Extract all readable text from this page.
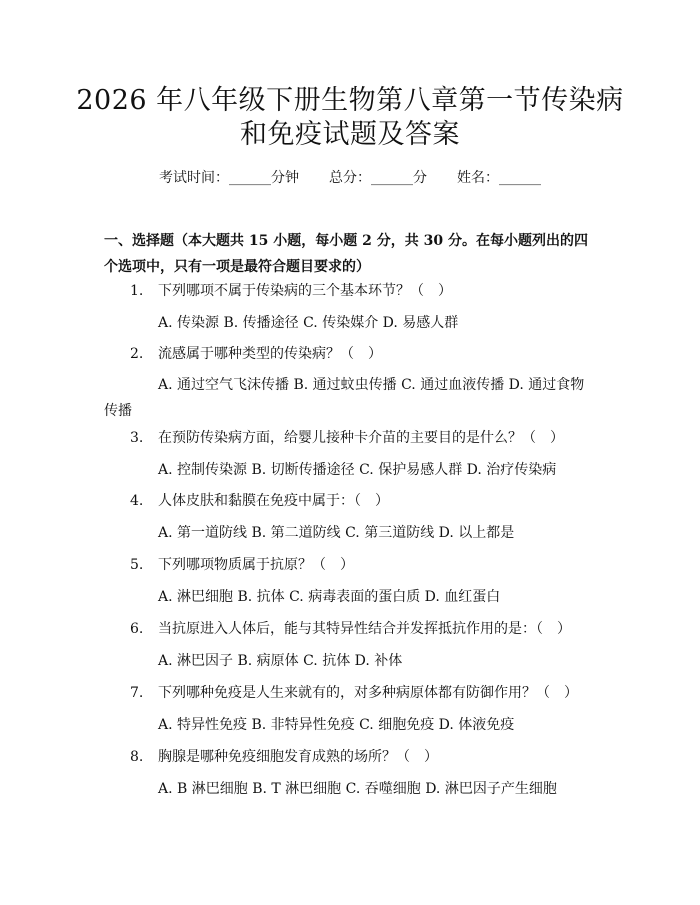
2026 年八年级下册生物第八章第一节传染病
和免疫试题及答案
考试时间：______分钟 总分：______分 姓名：______

一、选择题（本大题共 15 小题，每小题 2 分，共 30 分。在每小题列出的四个选项中，只有一项是最符合题目要求的）

1. 下列哪项不属于传染病的三个基本环节？（　）
A. 传染源 B. 传播途径 C. 传染媒介 D. 易感人群
2. 流感属于哪种类型的传染病？（　）
A. 通过空气飞沫传播 B. 通过蚊虫传播 C. 通过血液传播 D. 通过食物传播
3. 在预防传染病方面，给婴儿接种卡介苗的主要目的是什么？（　）
A. 控制传染源 B. 切断传播途径 C. 保护易感人群 D. 治疗传染病
4. 人体皮肤和黏膜在免疫中属于：（　）
A. 第一道防线 B. 第二道防线 C. 第三道防线 D. 以上都是
5. 下列哪项物质属于抗原？（　）
A. 淋巴细胞 B. 抗体 C. 病毒表面的蛋白质 D. 血红蛋白
6. 当抗原进入人体后，能与其特异性结合并发挥抵抗作用的是：（　）
A. 淋巴因子 B. 病原体 C. 抗体 D. 补体
7. 下列哪种免疫是人生来就有的，对多种病原体都有防御作用？（　）
A. 特异性免疫 B. 非特异性免疫 C. 细胞免疫 D. 体液免疫
8. 胸腺是哪种免疫细胞发育成熟的场所？（　）
A. B 淋巴细胞 B. T 淋巴细胞 C. 吞噬细胞 D. 淋巴因子产生细胞
